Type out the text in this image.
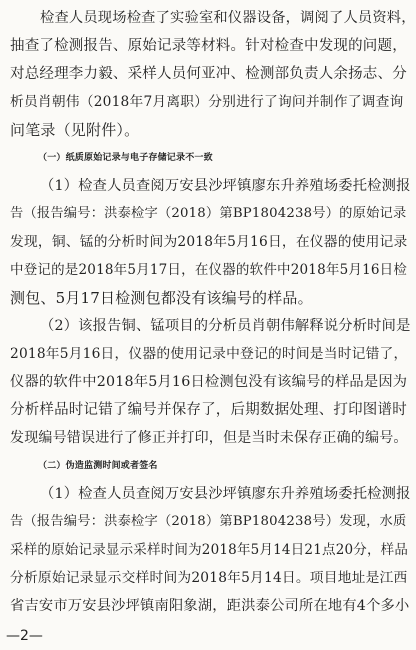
检查人员现场检查了实验室和仪器设备，调阅了人员资料，
抽查了检测报告、原始记录等材料。针对检查中发现的问题，
对总经理李力毅、采样人员何亚冲、检测部负责人余扬志、分
析员肖朝伟（2018年7月离职）分别进行了询问并制作了调查询
问笔录（见附件）。
（一）纸质原始记录与电子存储记录不一致
（1）检查人员查阅万安县沙坪镇廖东升养殖场委托检测报
告（报告编号：洪泰检字（2018）第BP1804238号）的原始记录
发现，铜、锰的分析时间为2018年5月16日，在仪器的使用记录
中登记的是2018年5月17日，在仪器的软件中2018年5月16日检
测包、5月17日检测包都没有该编号的样品。
（2）该报告铜、锰项目的分析员肖朝伟解释说分析时间是
2018年5月16日，仪器的使用记录中登记的时间是当时记错了，
仪器的软件中2018年5月16日检测包没有该编号的样品是因为
分析样品时记错了编号并保存了，后期数据处理、打印图谱时
发现编号错误进行了修正并打印，但是当时未保存正确的编号。
（二）伪造监测时间或者签名
（1）检查人员查阅万安县沙坪镇廖东升养殖场委托检测报
告（报告编号：洪泰检字（2018）第BP1804238号）发现，水质
采样的原始记录显示采样时间为2018年5月14日21点20分，样品
分析原始记录显示交样时间为2018年5月14日。项目地址是江西
省吉安市万安县沙坪镇南阳象湖，距洪泰公司所在地有4个多小
—2—
